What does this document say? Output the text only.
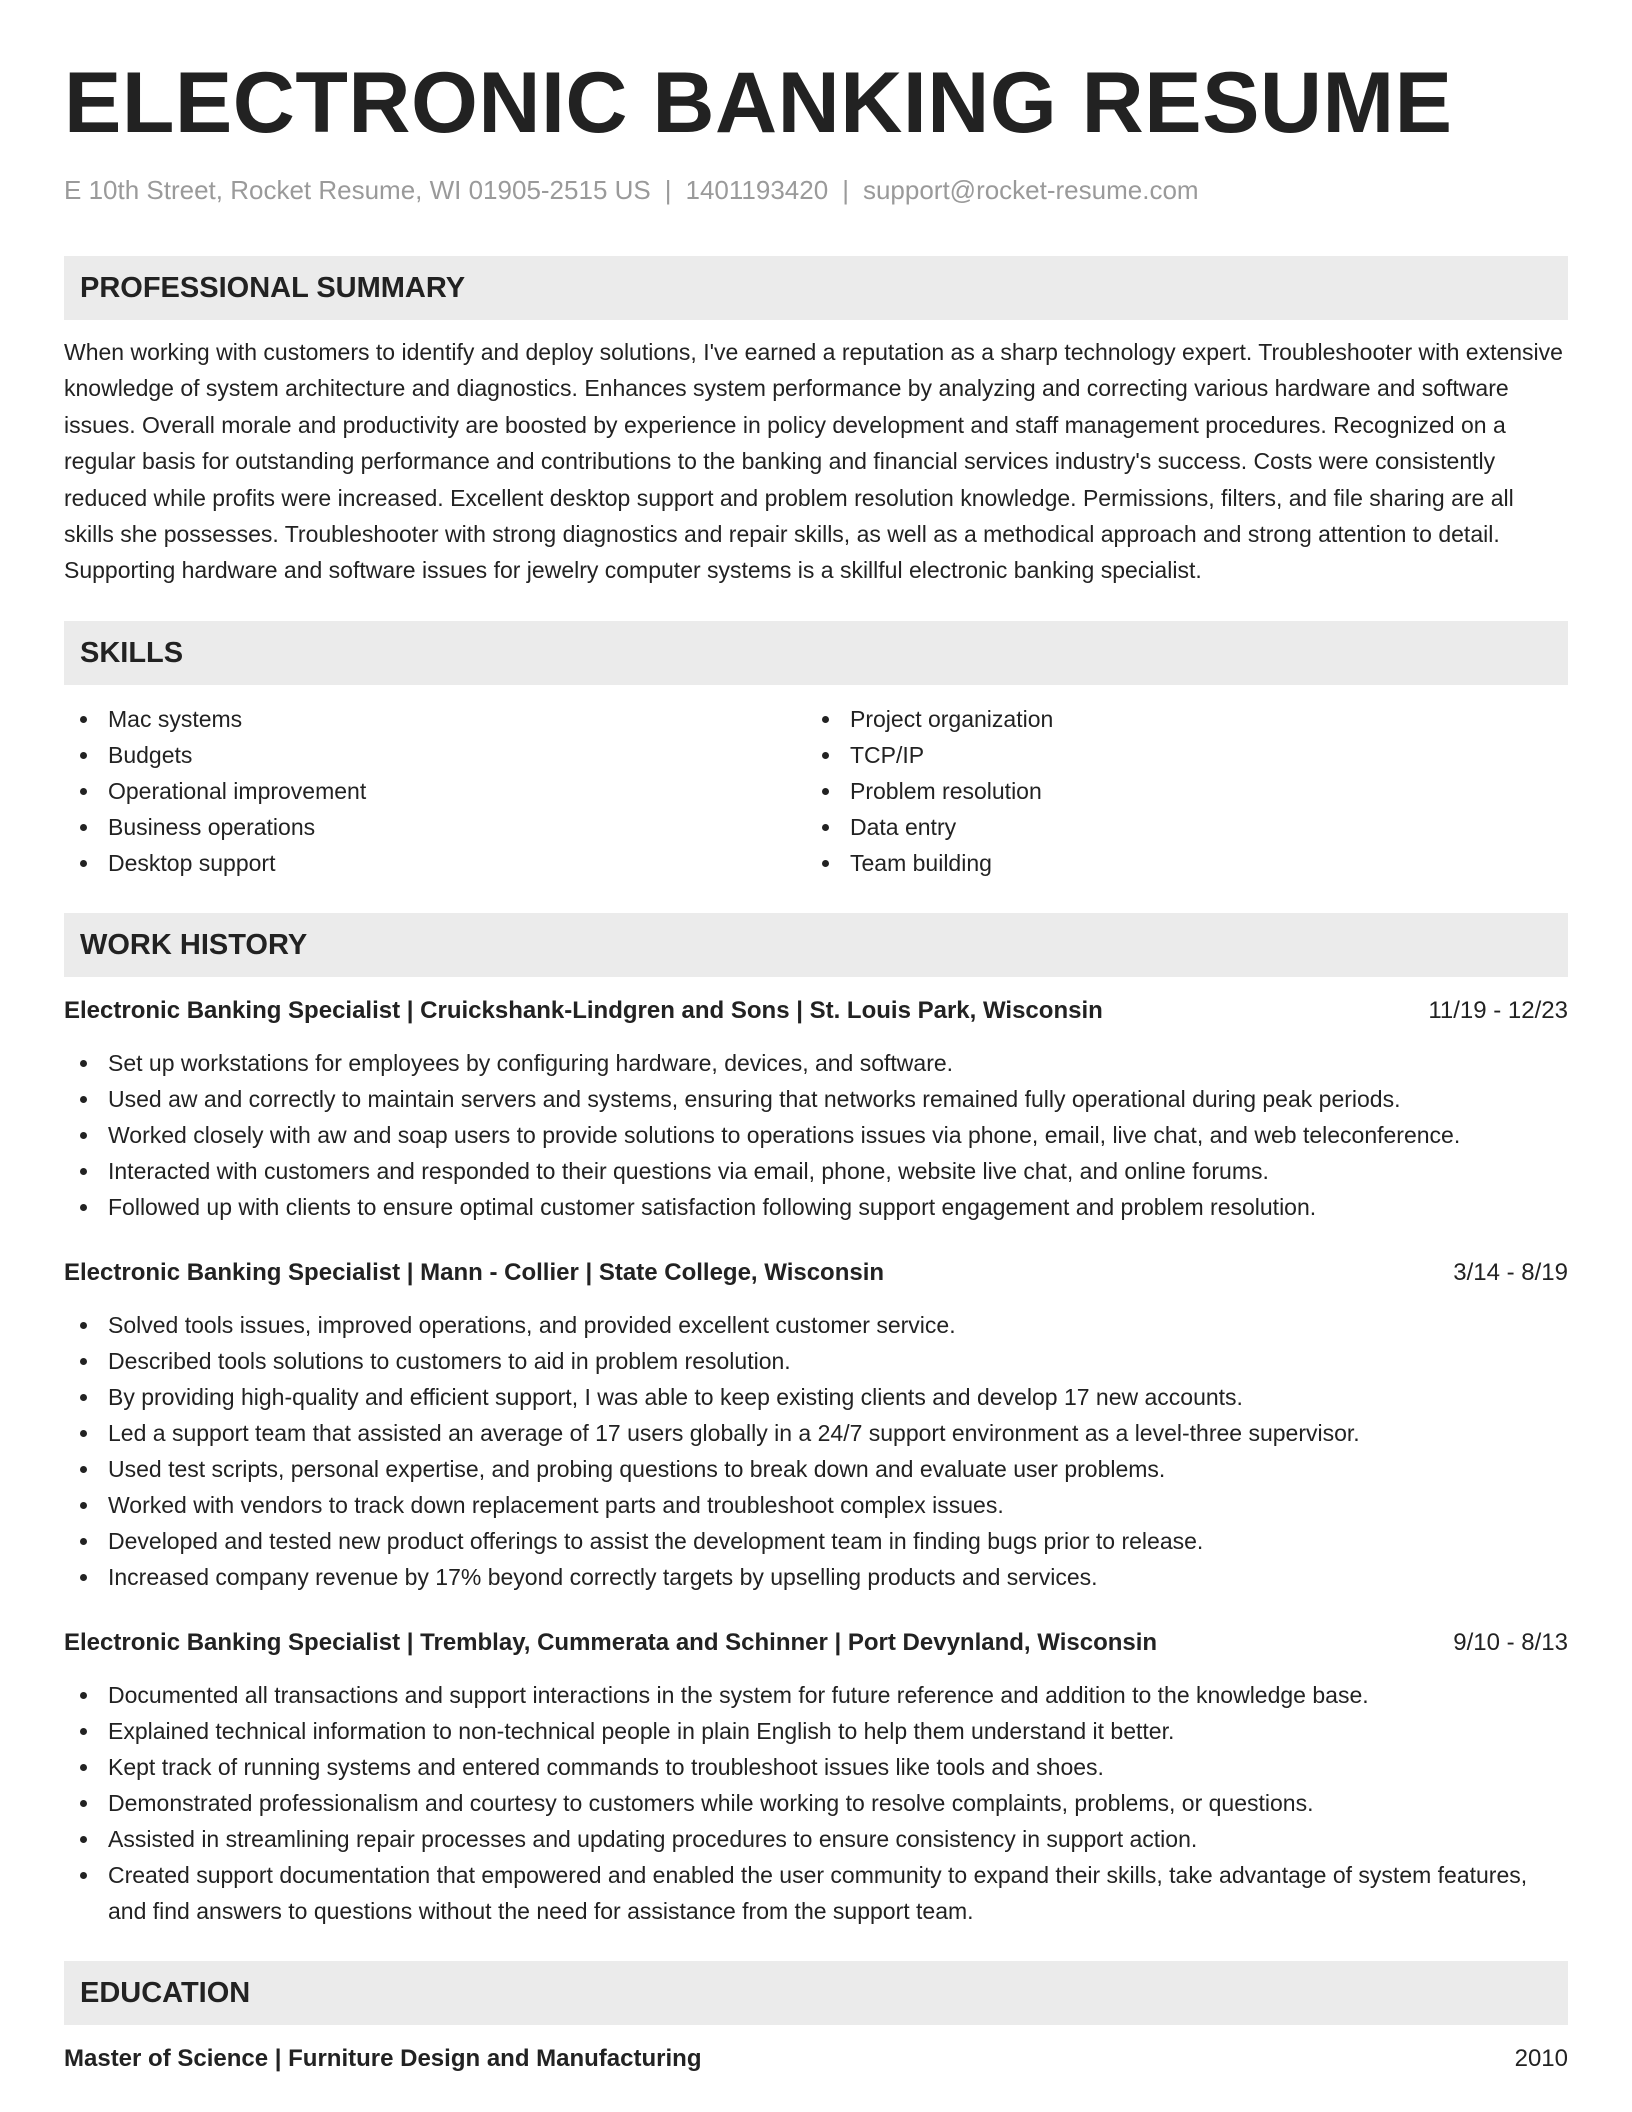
ELECTRONIC BANKING RESUME
E 10th Street, Rocket Resume, WI 01905-2515 US | 1401193420 | support@rocket-resume.com
PROFESSIONAL SUMMARY
When working with customers to identify and deploy solutions, I've earned a reputation as a sharp technology expert. Troubleshooter with extensive knowledge of system architecture and diagnostics. Enhances system performance by analyzing and correcting various hardware and software issues. Overall morale and productivity are boosted by experience in policy development and staff management procedures. Recognized on a regular basis for outstanding performance and contributions to the banking and financial services industry's success. Costs were consistently reduced while profits were increased. Excellent desktop support and problem resolution knowledge. Permissions, filters, and file sharing are all skills she possesses. Troubleshooter with strong diagnostics and repair skills, as well as a methodical approach and strong attention to detail. Supporting hardware and software issues for jewelry computer systems is a skillful electronic banking specialist.
SKILLS
Mac systems
Budgets
Operational improvement
Business operations
Desktop support
Project organization
TCP/IP
Problem resolution
Data entry
Team building
WORK HISTORY
Electronic Banking Specialist | Cruickshank-Lindgren and Sons | St. Louis Park, Wisconsin	11/19 - 12/23
Set up workstations for employees by configuring hardware, devices, and software.
Used aw and correctly to maintain servers and systems, ensuring that networks remained fully operational during peak periods.
Worked closely with aw and soap users to provide solutions to operations issues via phone, email, live chat, and web teleconference.
Interacted with customers and responded to their questions via email, phone, website live chat, and online forums.
Followed up with clients to ensure optimal customer satisfaction following support engagement and problem resolution.
Electronic Banking Specialist | Mann - Collier | State College, Wisconsin	3/14 - 8/19
Solved tools issues, improved operations, and provided excellent customer service.
Described tools solutions to customers to aid in problem resolution.
By providing high-quality and efficient support, I was able to keep existing clients and develop 17 new accounts.
Led a support team that assisted an average of 17 users globally in a 24/7 support environment as a level-three supervisor.
Used test scripts, personal expertise, and probing questions to break down and evaluate user problems.
Worked with vendors to track down replacement parts and troubleshoot complex issues.
Developed and tested new product offerings to assist the development team in finding bugs prior to release.
Increased company revenue by 17% beyond correctly targets by upselling products and services.
Electronic Banking Specialist | Tremblay, Cummerata and Schinner | Port Devynland, Wisconsin	9/10 - 8/13
Documented all transactions and support interactions in the system for future reference and addition to the knowledge base.
Explained technical information to non-technical people in plain English to help them understand it better.
Kept track of running systems and entered commands to troubleshoot issues like tools and shoes.
Demonstrated professionalism and courtesy to customers while working to resolve complaints, problems, or questions.
Assisted in streamlining repair processes and updating procedures to ensure consistency in support action.
Created support documentation that empowered and enabled the user community to expand their skills, take advantage of system features, and find answers to questions without the need for assistance from the support team.
EDUCATION
Master of Science | Furniture Design and Manufacturing	2010
